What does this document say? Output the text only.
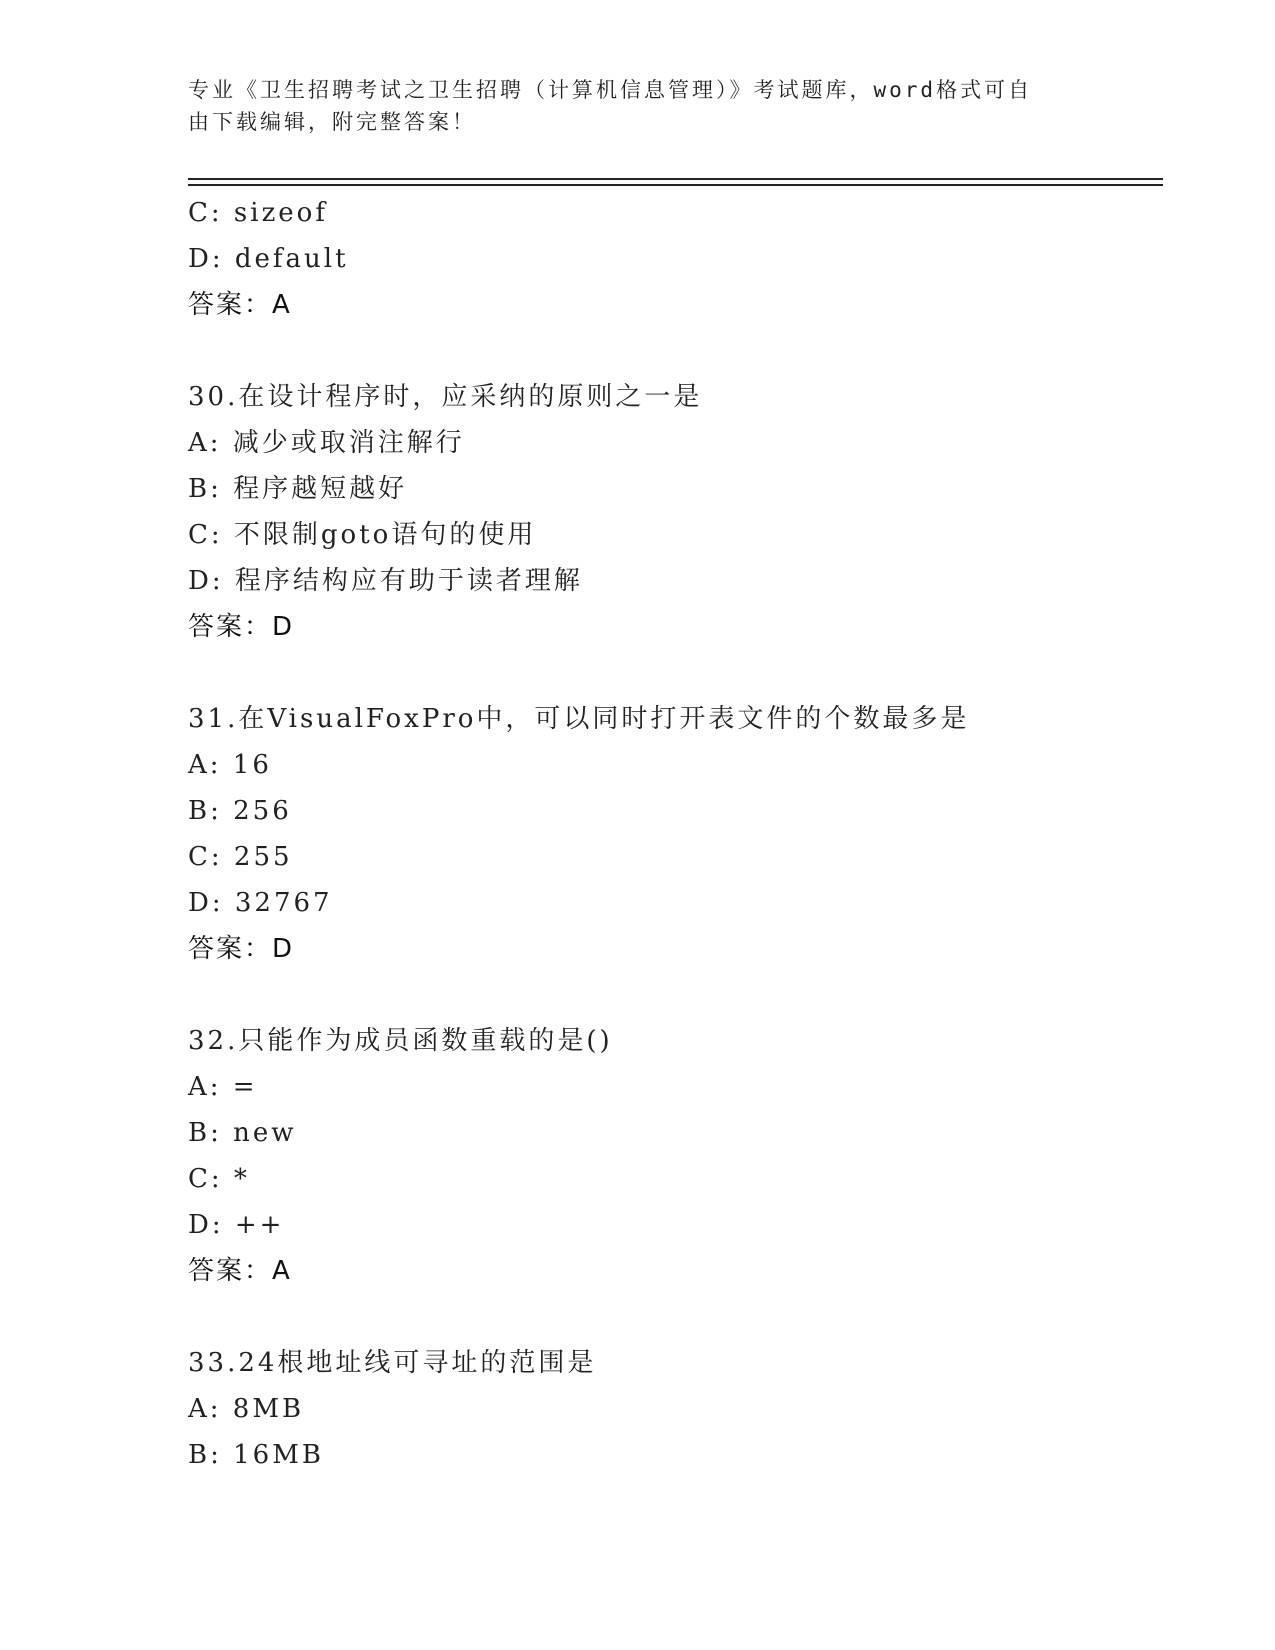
专业《卫生招聘考试之卫生招聘（计算机信息管理）》考试题库，word格式可自
由下载编辑，附完整答案！
C: sizeof
D: default
答案：A
30.在设计程序时，应采纳的原则之一是
A: 减少或取消注解行
B: 程序越短越好
C: 不限制goto语句的使用
D: 程序结构应有助于读者理解
答案：D
31.在VisualFoxPro中，可以同时打开表文件的个数最多是
A: 16
B: 256
C: 255
D: 32767
答案：D
32.只能作为成员函数重载的是()
A: =
B: new
C: *
D: ++
答案：A
33.24根地址线可寻址的范围是
A: 8MB
B: 16MB
